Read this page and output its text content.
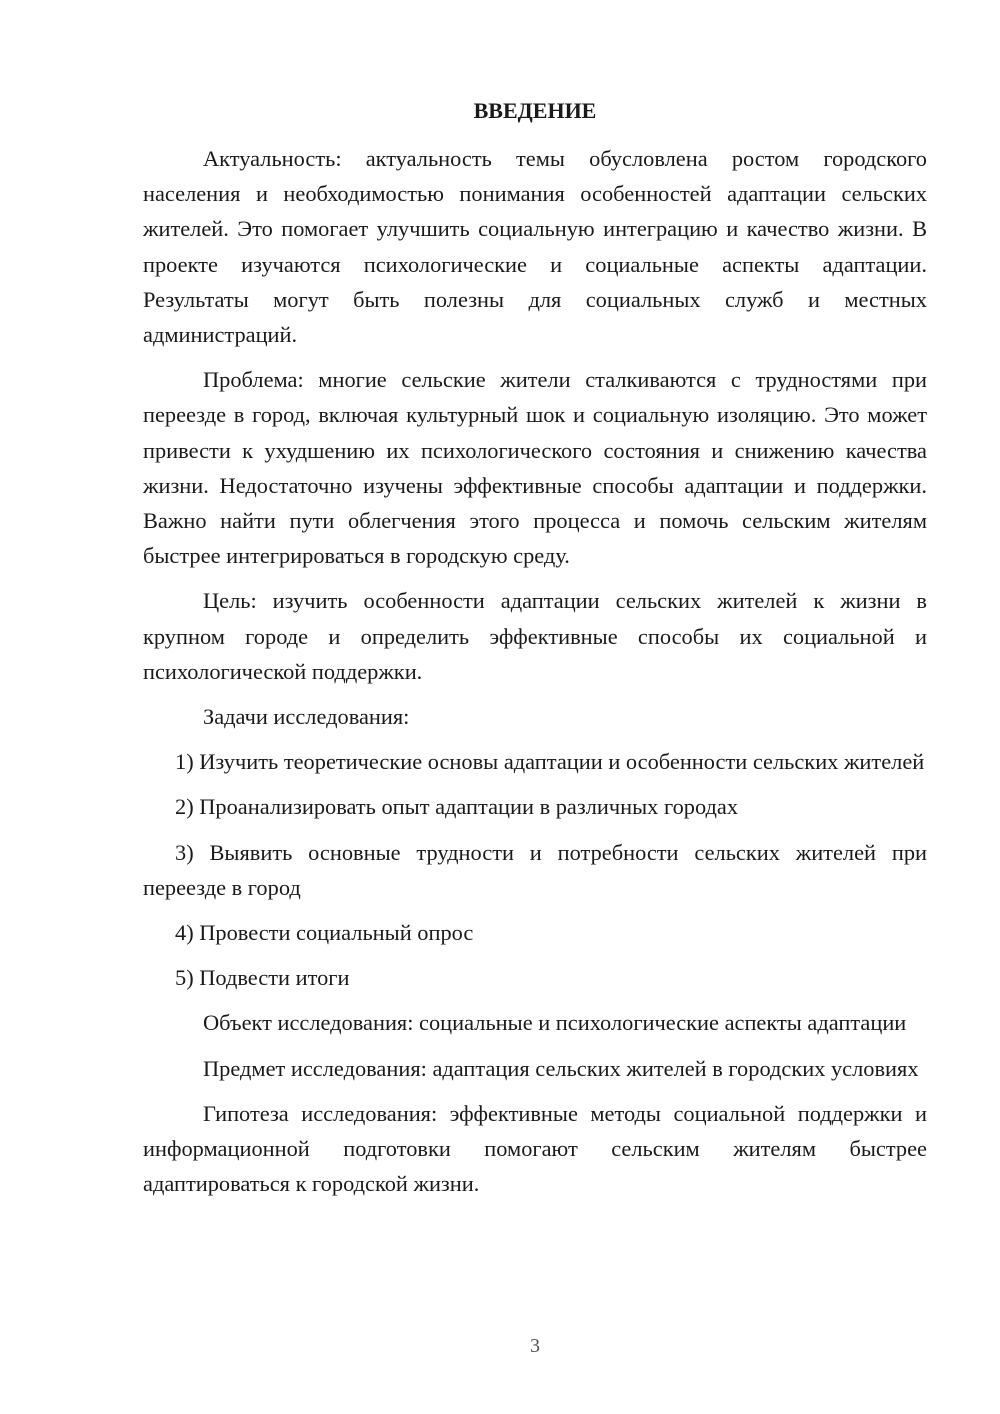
ВВЕДЕНИЕ

Актуальность: актуальность темы обусловлена ростом городского населения и необходимостью понимания особенностей адаптации сельских жителей. Это помогает улучшить социальную интеграцию и качество жизни. В проекте изучаются психологические и социальные аспекты адаптации. Результаты могут быть полезны для социальных служб и местных администраций.

Проблема: многие сельские жители сталкиваются с трудностями при переезде в город, включая культурный шок и социальную изоляцию. Это может привести к ухудшению их психологического состояния и снижению качества жизни. Недостаточно изучены эффективные способы адаптации и поддержки. Важно найти пути облегчения этого процесса и помочь сельским жителям быстрее интегрироваться в городскую среду.

Цель: изучить особенности адаптации сельских жителей к жизни в крупном городе и определить эффективные способы их социальной и психологической поддержки.

Задачи исследования:

1) Изучить теоретические основы адаптации и особенности сельских жителей

2) Проанализировать опыт адаптации в различных городах

3) Выявить основные трудности и потребности сельских жителей при переезде в город

4) Провести социальный опрос

5) Подвести итоги

Объект исследования: социальные и психологические аспекты адаптации

Предмет исследования: адаптация сельских жителей в городских условиях

Гипотеза исследования: эффективные методы социальной поддержки и информационной подготовки помогают сельским жителям быстрее адаптироваться к городской жизни.

3
